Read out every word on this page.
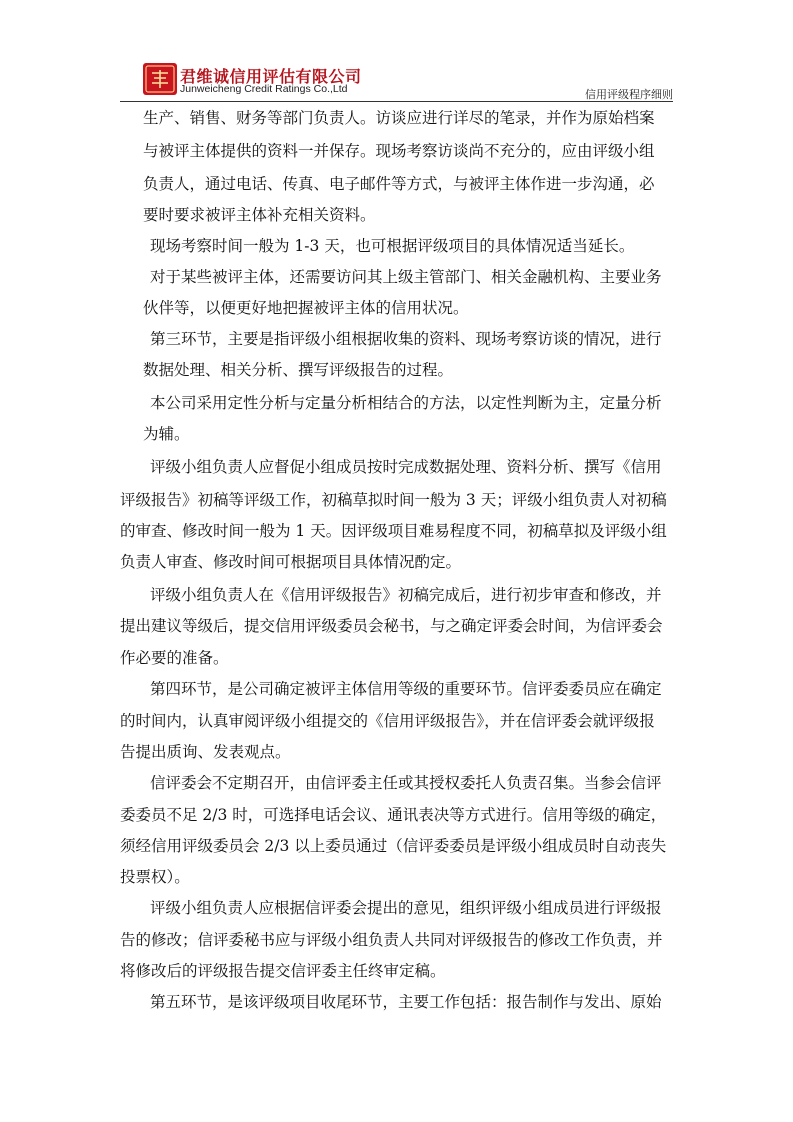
君维诚信用评估有限公司
Junweicheng Credit Ratings Co.,Ltd	信用评级程序细则
生产、销售、财务等部门负责人。访谈应进行详尽的笔录，并作为原始档案
与被评主体提供的资料一并保存。现场考察访谈尚不充分的，应由评级小组
负责人，通过电话、传真、电子邮件等方式，与被评主体作进一步沟通，必
要时要求被评主体补充相关资料。
现场考察时间一般为 1-3 天，也可根据评级项目的具体情况适当延长。
对于某些被评主体，还需要访问其上级主管部门、相关金融机构、主要业务
伙伴等，以便更好地把握被评主体的信用状况。
第三环节，主要是指评级小组根据收集的资料、现场考察访谈的情况，进行
数据处理、相关分析、撰写评级报告的过程。
本公司采用定性分析与定量分析相结合的方法，以定性判断为主，定量分析
为辅。
评级小组负责人应督促小组成员按时完成数据处理、资料分析、撰写《信用
评级报告》初稿等评级工作，初稿草拟时间一般为 3 天；评级小组负责人对初稿
的审查、修改时间一般为 1 天。因评级项目难易程度不同，初稿草拟及评级小组
负责人审查、修改时间可根据项目具体情况酌定。
评级小组负责人在《信用评级报告》初稿完成后，进行初步审查和修改，并
提出建议等级后，提交信用评级委员会秘书，与之确定评委会时间，为信评委会
作必要的准备。
第四环节，是公司确定被评主体信用等级的重要环节。信评委委员应在确定
的时间内，认真审阅评级小组提交的《信用评级报告》，并在信评委会就评级报
告提出质询、发表观点。
信评委会不定期召开，由信评委主任或其授权委托人负责召集。当参会信评
委委员不足 2/3 时，可选择电话会议、通讯表决等方式进行。信用等级的确定，
须经信用评级委员会 2/3 以上委员通过（信评委委员是评级小组成员时自动丧失
投票权）。
评级小组负责人应根据信评委会提出的意见，组织评级小组成员进行评级报
告的修改；信评委秘书应与评级小组负责人共同对评级报告的修改工作负责，并
将修改后的评级报告提交信评委主任终审定稿。
第五环节，是该评级项目收尾环节，主要工作包括：报告制作与发出、原始
